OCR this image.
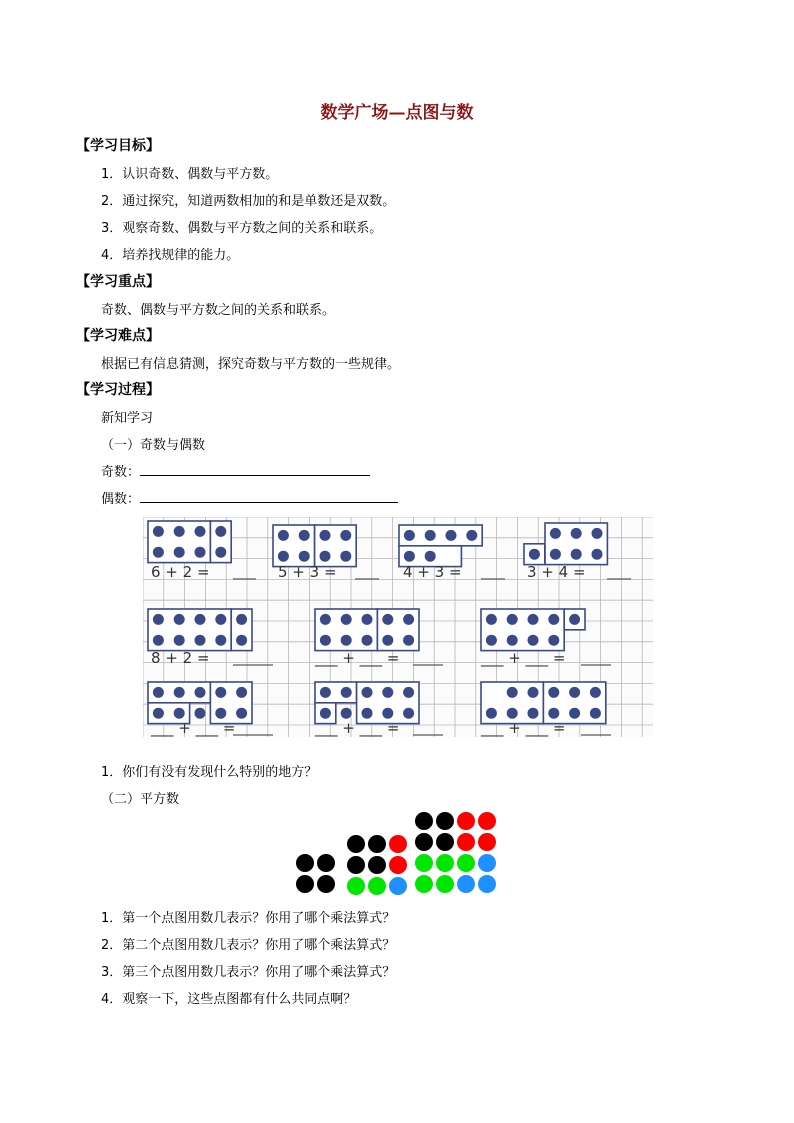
数学广场—点图与数
【学习目标】
1．认识奇数、偶数与平方数。
2．通过探究，知道两数相加的和是单数还是双数。
3．观察奇数、偶数与平方数之间的关系和联系。
4．培养找规律的能力。
【学习重点】
奇数、偶数与平方数之间的关系和联系。
【学习难点】
根据已有信息猜测，探究奇数与平方数的一些规律。
【学习过程】
新知学习
（一）奇数与偶数
奇数：
偶数：
6 + 2 =	5 + 3 =	4 + 3 =	3 + 4 =
8 + 2 =	___ + ___ =	___ + ___ =
___ + ___ =	___ + ___ =	___ + ___ =
1．你们有没有发现什么特别的地方？
（二）平方数
1．第一个点图用数几表示？你用了哪个乘法算式？
2．第二个点图用数几表示？你用了哪个乘法算式？
3．第三个点图用数几表示？你用了哪个乘法算式？
4．观察一下，这些点图都有什么共同点啊？
